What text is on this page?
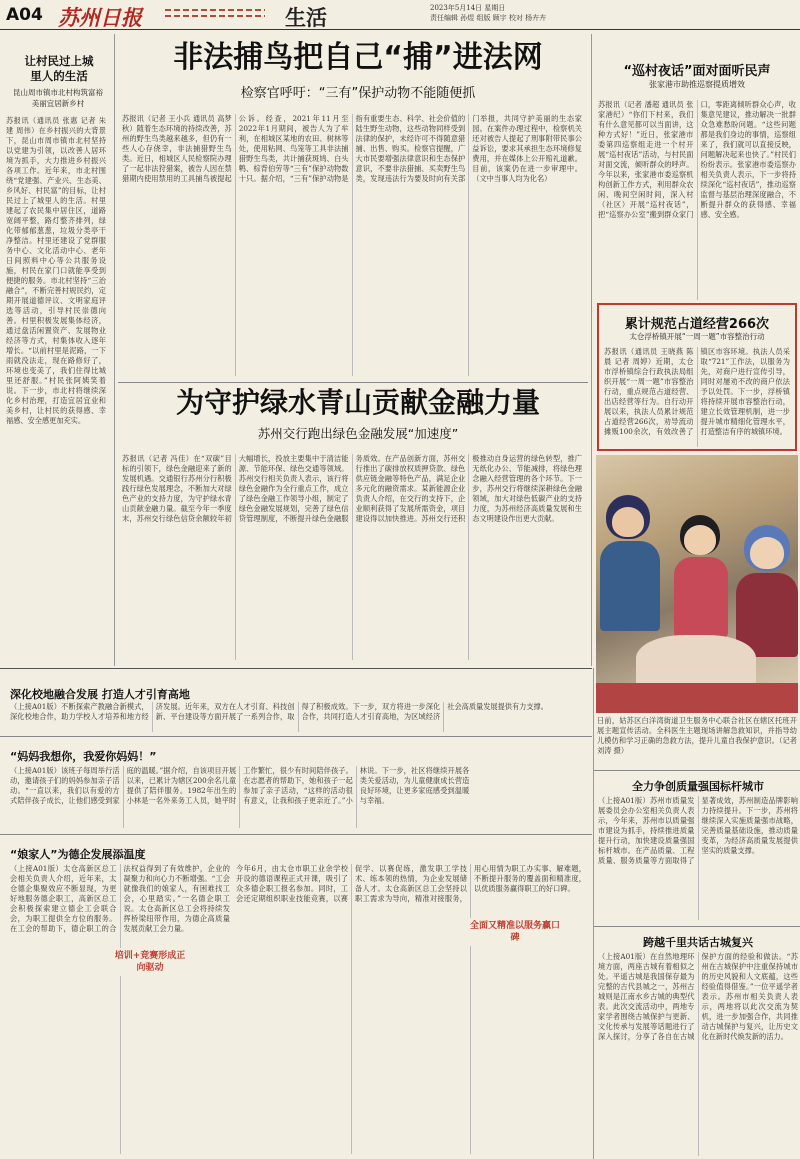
A04 苏州日报	生活	2023年5月14日 星期日
责任编辑 孙煜 组版 顾宇 校对 杨卉卉
让村民过上城里人的生活
昆山周市镇市北村构筑富裕美丽宜居新乡村
苏报讯（通讯员 张惠 记者 朱建 周伟）在乡村振兴的大背景下，昆山市周市镇市北村坚持以党建为引领，以改善人居环境为抓手，大力推进乡村振兴各项工作。近年来，市北村围绕“党建强、产业兴、生态美、乡风好、村民富”的目标，让村民过上了城里人的生活。村里建起了农民集中居住区，道路宽阔平整，路灯整齐排列，绿化带郁郁葱葱，垃圾分类亭干净整洁。村里还建设了党群服务中心、文化活动中心、老年日间照料中心等公共服务设施，村民在家门口就能享受到便捷的服务。市北村坚持“三治融合”，不断完善村规民约，定期开展道德评议、文明家庭评选等活动，引导村民崇德向善。村里积极发展集体经济，通过盘活闲置资产、发展物业经济等方式，村集体收入逐年增长。“以前村里是泥路，一下雨就没法走，现在路修好了，环境也变美了，我们住得比城里还舒服。”村民张阿姨笑着说。下一步，市北村将继续深化乡村治理，打造宜居宜业和美乡村，让村民的获得感、幸福感、安全感更加充实。
非法捕鸟把自己“捕”进法网
检察官呼吁：“三有”保护动物不能随便抓
苏报讯（记者 王小兵 通讯员 高梦秋）随着生态环境的持续改善，苏州的野生鸟类越来越多，但仍有一些人心存侥幸，非法捕猎野生鸟类。近日，相城区人民检察院办理了一起非法狩猎案，被告人因在禁猎期内使用禁用的工具捕鸟被提起公诉。经查，2021年11月至2022年1月期间，被告人为了牟利，在相城区某地的农田、树林等处，使用粘网、鸟笼等工具非法捕猎野生鸟类，共计捕获斑鸠、白头鹎、棕背伯劳等“三有”保护动物数十只。据介绍，“三有”保护动物是指有重要生态、科学、社会价值的陆生野生动物，这些动物同样受到法律的保护，未经许可不得随意猎捕、出售、购买。检察官提醒，广大市民要增强法律意识和生态保护意识，不要非法猎捕、买卖野生鸟类，发现违法行为要及时向有关部门举报，共同守护美丽的生态家园。在案件办理过程中，检察机关还对被告人提起了刑事附带民事公益诉讼，要求其承担生态环境修复费用，并在媒体上公开赔礼道歉。目前，该案仍在进一步审理中。（文中当事人均为化名）
为守护绿水青山贡献金融力量
苏州交行跑出绿色金融发展“加速度”
苏报讯（记者 冯佳）在“双碳”目标的引领下，绿色金融迎来了新的发展机遇。交通银行苏州分行积极践行绿色发展理念，不断加大对绿色产业的支持力度，为守护绿水青山贡献金融力量。截至今年一季度末，苏州交行绿色信贷余额较年初大幅增长，投放主要集中于清洁能源、节能环保、绿色交通等领域。苏州交行相关负责人表示，该行将绿色金融作为全行重点工作，成立了绿色金融工作领导小组，制定了绿色金融发展规划，完善了绿色信贷管理制度，不断提升绿色金融服务质效。在产品创新方面，苏州交行推出了碳排放权质押贷款、绿色供应链金融等特色产品，满足企业多元化的融资需求。某新能源企业负责人介绍，在交行的支持下，企业顺利获得了发展所需资金，项目建设得以加快推进。苏州交行还积极推动自身运营的绿色转型，推广无纸化办公、节能减排，将绿色理念融入经营管理的各个环节。下一步，苏州交行将继续深耕绿色金融领域，加大对绿色低碳产业的支持力度，为苏州经济高质量发展和生态文明建设作出更大贡献。
“巡村夜话”面对面听民声
张家港市助推巡察提质增效
苏报讯（记者 潘超 通讯员 张家港纪）“你们下村来，我们有什么意见都可以当面讲，这种方式好！”近日，张家港市委第四巡察组走进一个村开展“巡村夜话”活动，与村民面对面交流，倾听群众的呼声。今年以来，张家港市委巡察机构创新工作方式，利用群众农闲、晚间空闲时间，深入村（社区）开展“巡村夜话”，把“巡察办公室”搬到群众家门口，零距离倾听群众心声，收集意见建议，推动解决一批群众急难愁盼问题。“这些问题都是我们身边的事情，巡察组来了，我们就可以直接反映，问题解决起来也快了。”村民们纷纷表示。张家港市委巡察办相关负责人表示，下一步将持续深化“巡村夜话”，推动巡察监督与基层治理深度融合，不断提升群众的获得感、幸福感、安全感。
累计规范占道经营266次
太仓浮桥镇开展“一周一题”市容整治行动
苏报讯（通讯员 王晓燕 陈晨 记者 周婷）近期，太仓市浮桥镇综合行政执法局组织开展“一周一题”市容整治行动，重点规范占道经营、出店经营等行为。自行动开展以来，执法人员累计规范占道经营266次，劝导流动摊贩100余次，有效改善了镇区市容环境。执法人员采取“721”工作法，以服务为先，对商户进行宣传引导，同时对屡劝不改的商户依法予以处罚。下一步，浮桥镇将持续开展市容整治行动，建立长效管理机制，进一步提升城市精细化管理水平，打造整洁有序的城镇环境。
日前，姑苏区白洋湾街道卫生服务中心联合社区在辖区托班开展主题宣传活动。全科医生主题现场讲解急救知识，并指导幼儿模仿和学习正确的急救方法，提升儿童自我保护意识。（记者 刘涛 摄）
深化校地融合发展 打造人才引育高地
（上接A01版）不断探索产教融合新模式，深化校地合作，助力学校人才培养和地方经济发展。近年来，双方在人才引育、科技创新、平台建设等方面开展了一系列合作，取得了积极成效。下一步，双方将进一步深化合作，共同打造人才引育高地，为区域经济社会高质量发展提供有力支撑。
“妈妈我想你，我爱你妈妈！”
（上接A01版）该班子每周举行活动，邀请孩子们的妈妈参加亲子活动。“一直以来，我们以有爱的方式陪伴孩子成长，让他们感受到家庭的温暖。”据介绍，自该项目开展以来，已累计为辖区200余名儿童提供了陪伴服务。1982年出生的小林是一名外来务工人员，她平时工作繁忙，很少有时间陪伴孩子。在志愿者的帮助下，她和孩子一起参加了亲子活动，“这样的活动很有意义，让我和孩子更亲近了。”小林说。下一步，社区将继续开展各类关爱活动，为儿童健康成长营造良好环境，让更多家庭感受到温暖与幸福。
“娘家人”为德企发展添温度
（上接A01版）太仓高新区总工会相关负责人介绍，近年来，太仓德企集聚效应不断显现，为更好地服务德企职工，高新区总工会积极探索建立德企工会联合会，为职工提供全方位的服务。在工会的帮助下，德企职工的合法权益得到了有效维护，企业的凝聚力和向心力不断增强。“工会就像我们的娘家人，有困难找工会，心里踏实。”一名德企职工说。太仓高新区总工会将持续发挥桥梁纽带作用，为德企高质量发展贡献工会力量。
培训+竞赛形成正向驱动
今年6月，由太仓市职工业余学校开设的德语课程正式开课，吸引了众多德企职工报名参加。同时，工会还定期组织职业技能竞赛，以赛促学、以赛促练，激发职工学技术、练本领的热情，为企业发展储备人才。太仓高新区总工会坚持以职工需求为导向，精准对接服务，用心用情为职工办实事、解难题，不断提升服务的覆盖面和精准度，以优质服务赢得职工的好口碑。
全面又精准以服务赢口碑
全力争创质量强国标杆城市
（上接A01版）苏州市质量发展委员会办公室相关负责人表示，今年来，苏州市以质量强市建设为抓手，持续推进质量提升行动，加快建设质量强国标杆城市。在产品质量、工程质量、服务质量等方面取得了显著成效，苏州制造品牌影响力持续提升。下一步，苏州将继续深入实施质量强市战略，完善质量基础设施，推动质量变革，为经济高质量发展提供坚实的质量支撑。
跨越千里共话古城复兴
（上接A01版）在自然地理环境方面，两座古城有着相似之处。平遥古城是我国保存最为完整的古代县城之一，苏州古城则是江南水乡古城的典型代表。此次交流活动中，两地专家学者围绕古城保护与更新、文化传承与发展等话题进行了深入探讨，分享了各自在古城保护方面的经验和做法。“苏州在古城保护中注重保持城市的历史风貌和人文底蕴，这些经验值得借鉴。”一位平遥学者表示。苏州市相关负责人表示，两地将以此次交流为契机，进一步加强合作，共同推动古城保护与复兴，让历史文化在新时代焕发新的活力。
